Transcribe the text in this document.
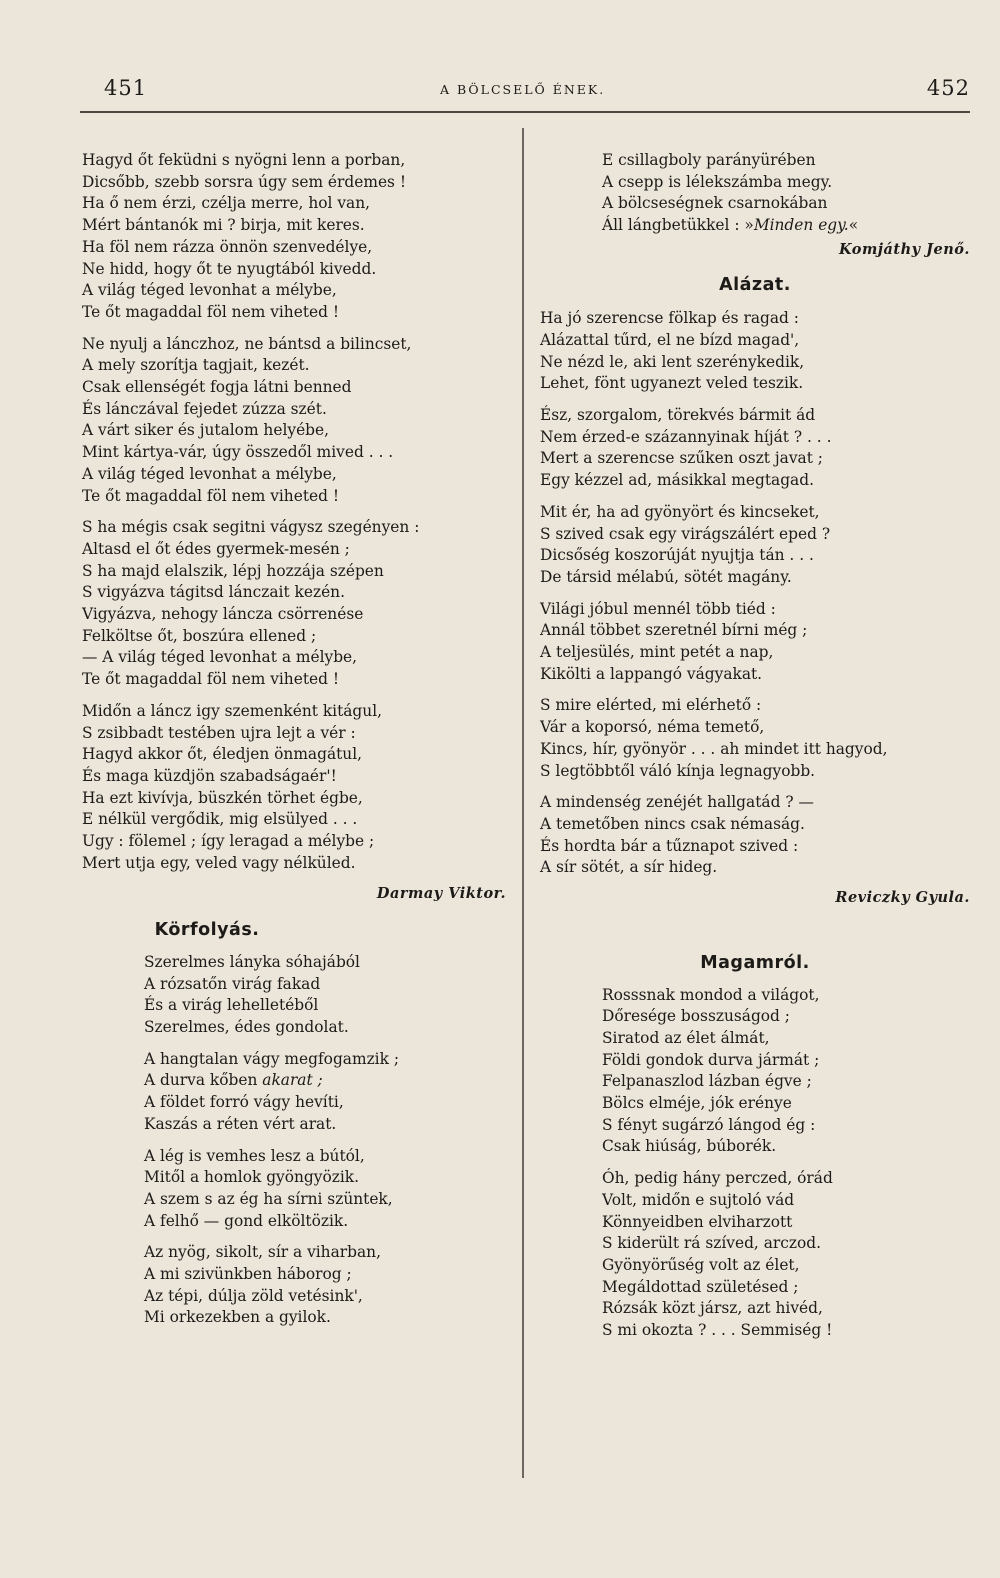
451	A BÖLCSELŐ ÉNEK.	452
Hagyd őt feküdni s nyögni lenn a porban,
Dicsőbb, szebb sorsra úgy sem érdemes !
Ha ő nem érzi, czélja merre, hol van,
Mért bántanók mi ? birja, mit keres.
Ha föl nem rázza önnön szenvedélye,
Ne hidd, hogy őt te nyugtából kivedd.
A világ téged levonhat a mélybe,
Te őt magaddal föl nem viheted !
Ne nyulj a lánczhoz, ne bántsd a bilincset,
A mely szorítja tagjait, kezét.
Csak ellenségét fogja látni benned
És lánczával fejedet zúzza szét.
A várt siker és jutalom helyébe,
Mint kártya-vár, úgy összedől mived . . .
A világ téged levonhat a mélybe,
Te őt magaddal föl nem viheted !
S ha mégis csak segitni vágysz szegényen :
Altasd el őt édes gyermek-mesén ;
S ha majd elalszik, lépj hozzája szépen
S vigyázva tágitsd lánczait kezén.
Vigyázva, nehogy láncza csörrenése
Felköltse őt, boszúra ellened ;
— A világ téged levonhat a mélybe,
Te őt magaddal föl nem viheted !
Midőn a láncz igy szemenként kitágul,
S zsibbadt testében ujra lejt a vér :
Hagyd akkor őt, éledjen önmagátul,
És maga küzdjön szabadságaér'!
Ha ezt kivívja, büszkén törhet égbe,
E nélkül vergődik, mig elsülyed . . .
Ugy : fölemel ; így leragad a mélybe ;
Mert utja egy, veled vagy nélküled.
Darmay Viktor.
Körfolyás.
Szerelmes lányka sóhajából
A rózsatőn virág fakad
És a virág lehelletéből
Szerelmes, édes gondolat.
A hangtalan vágy megfogamzik ;
A durva kőben akarat ;
A földet forró vágy hevíti,
Kaszás a réten vért arat.
A lég is vemhes lesz a bútól,
Mitől a homlok gyöngyözik.
A szem s az ég ha sírni szüntek,
A felhő — gond elköltözik.
Az nyög, sikolt, sír a viharban,
A mi szivünkben háborog ;
Az tépi, dúlja zöld vetésink',
Mi orkezekben a gyilok.
E csillagboly parányürében
A csepp is lélekszámba megy.
A bölcseségnek csarnokában
Áll lángbetükkel : »Minden egy.«
Komjáthy Jenő.
Alázat.
Ha jó szerencse fölkap és ragad :
Alázattal tűrd, el ne bízd magad',
Ne nézd le, aki lent szerénykedik,
Lehet, fönt ugyanezt veled teszik.
Ész, szorgalom, törekvés bármit ád
Nem érzed-e százannyinak híját ? . . .
Mert a szerencse szűken oszt javat ;
Egy kézzel ad, másikkal megtagad.
Mit ér, ha ad gyönyört és kincseket,
S szived csak egy virágszálért eped ?
Dicsőség koszorúját nyujtja tán . . .
De társid mélabú, sötét magány.
Világi jóbul mennél több tiéd :
Annál többet szeretnél bírni még ;
A teljesülés, mint petét a nap,
Kikölti a lappangó vágyakat.
S mire elérted, mi elérhető :
Vár a koporsó, néma temető,
Kincs, hír, gyönyör . . . ah mindet itt hagyod,
S legtöbbtől váló kínja legnagyobb.
A mindenség zenéjét hallgatád ? —
A temetőben nincs csak némaság.
És hordta bár a tűznapot szived :
A sír sötét, a sír hideg.
Reviczky Gyula.
Magamról.
Rosssnak mondod a világot,
Dőresége bosszuságod ;
Siratod az élet álmát,
Földi gondok durva jármát ;
Felpanaszlod lázban égve ;
Bölcs elméje, jók erénye
S fényt sugárzó lángod ég :
Csak hiúság, búborék.
Óh, pedig hány perczed, órád
Volt, midőn e sujtoló vád
Könnyeidben elviharzott
S kiderült rá szíved, arczod.
Gyönyörűség volt az élet,
Megáldottad születésed ;
Rózsák közt jársz, azt hivéd,
S mi okozta ? . . . Semmiség !
